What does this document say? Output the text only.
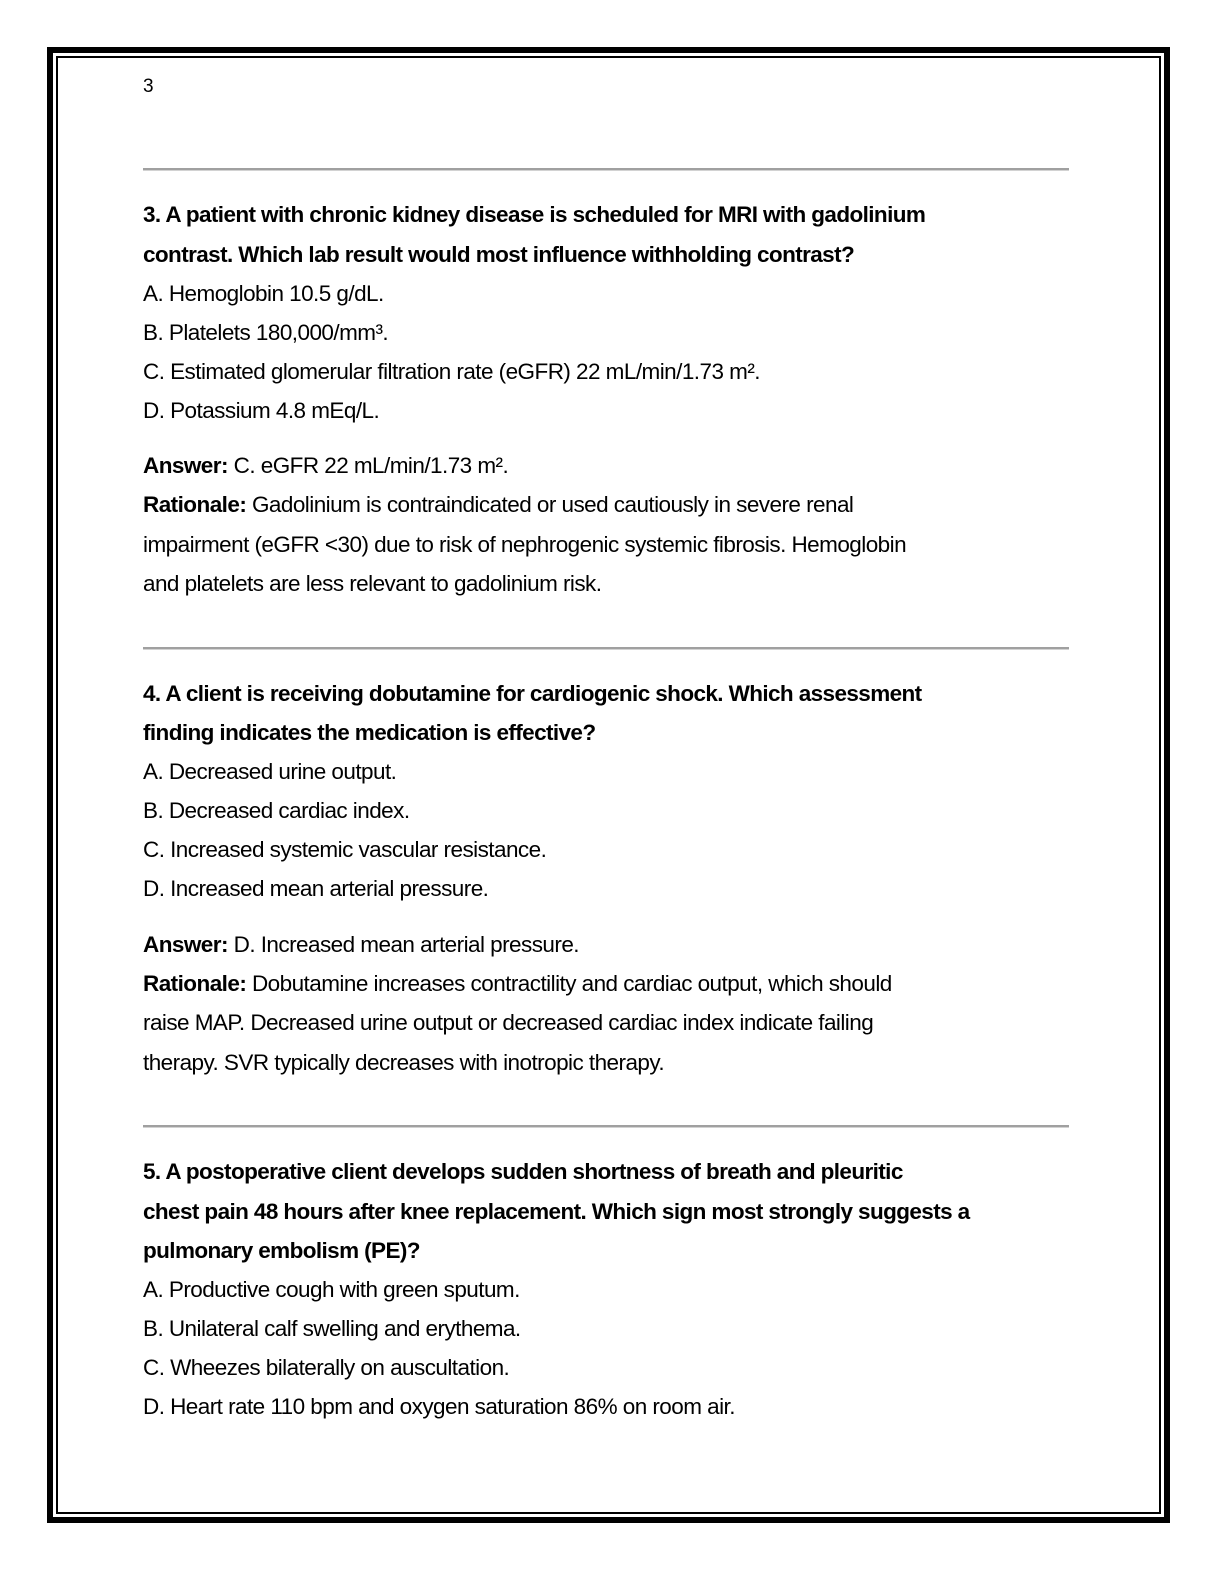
3
3. A patient with chronic kidney disease is scheduled for MRI with gadolinium
contrast. Which lab result would most influence withholding contrast?
A. Hemoglobin 10.5 g/dL.
B. Platelets 180,000/mm³.
C. Estimated glomerular filtration rate (eGFR) 22 mL/min/1.73 m².
D. Potassium 4.8 mEq/L.
Answer: C. eGFR 22 mL/min/1.73 m².
Rationale: Gadolinium is contraindicated or used cautiously in severe renal
impairment (eGFR <30) due to risk of nephrogenic systemic fibrosis. Hemoglobin
and platelets are less relevant to gadolinium risk.
4. A client is receiving dobutamine for cardiogenic shock. Which assessment
finding indicates the medication is effective?
A. Decreased urine output.
B. Decreased cardiac index.
C. Increased systemic vascular resistance.
D. Increased mean arterial pressure.
Answer: D. Increased mean arterial pressure.
Rationale: Dobutamine increases contractility and cardiac output, which should
raise MAP. Decreased urine output or decreased cardiac index indicate failing
therapy. SVR typically decreases with inotropic therapy.
5. A postoperative client develops sudden shortness of breath and pleuritic
chest pain 48 hours after knee replacement. Which sign most strongly suggests a
pulmonary embolism (PE)?
A. Productive cough with green sputum.
B. Unilateral calf swelling and erythema.
C. Wheezes bilaterally on auscultation.
D. Heart rate 110 bpm and oxygen saturation 86% on room air.
